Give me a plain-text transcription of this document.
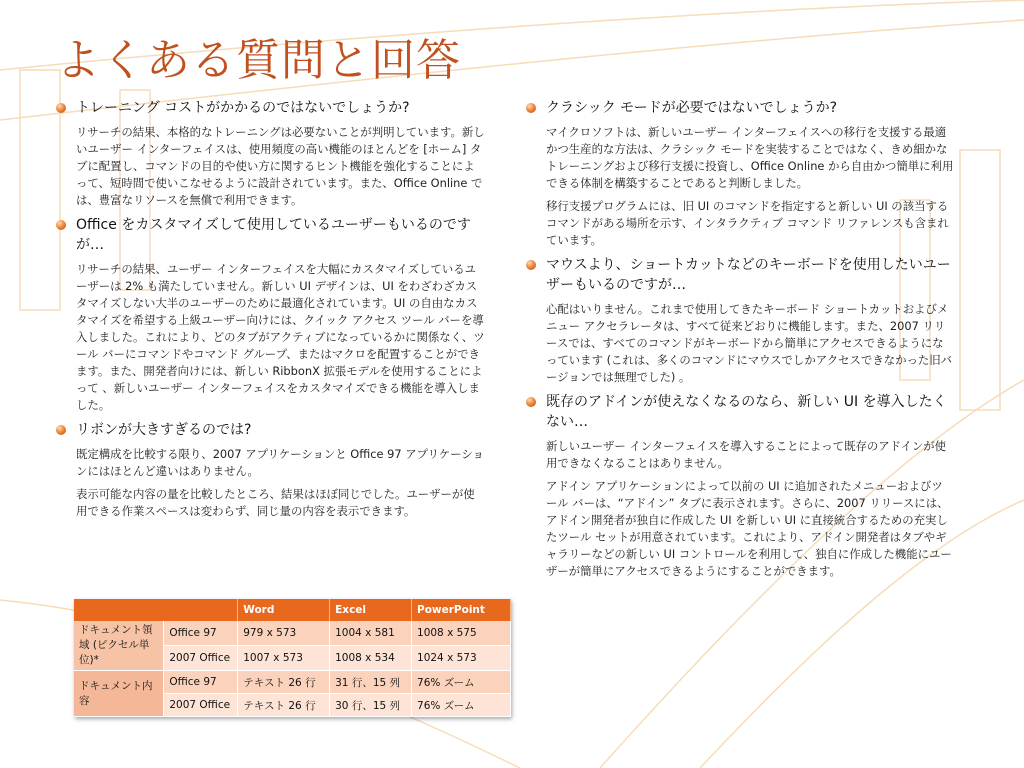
よくある質問と回答

トレーニング コストがかかるのではないでしょうか?

リサーチの結果、本格的なトレーニングは必要ないことが判明しています。新しいユーザー インターフェイスは、使用頻度の高い機能のほとんどを [ホーム] タブに配置し、コマンドの目的や使い方に関するヒント機能を強化することによって、短時間で使いこなせるように設計されています。また、Office Online では、豊富なリソースを無償で利用できます。

Office をカスタマイズして使用しているユーザーもいるのですが…

リサーチの結果、ユーザー インターフェイスを大幅にカスタマイズしているユーザーは 2% も満たしていません。新しい UI デザインは、UI をわざわざカスタマイズしない大半のユーザーのために最適化されています。UI の自由なカスタマイズを希望する上級ユーザー向けには、クイック アクセス ツール バーを導入しました。これにより、どのタブがアクティブになっているかに関係なく、ツール バーにコマンドやコマンド グループ、またはマクロを配置することができます。また、開発者向けには、新しい RibbonX 拡張モデルを使用することによって 、新しいユーザー インターフェイスをカスタマイズできる機能を導入しました。

リボンが大きすぎるのでは?

既定構成を比較する限り、2007 アプリケーションと Office 97 アプリケーションにはほとんど違いはありません。

表示可能な内容の量を比較したところ、結果はほぼ同じでした。ユーザーが使用できる作業スペースは変わらず、同じ量の内容を表示できます。

クラシック モードが必要ではないでしょうか?

マイクロソフトは、新しいユーザー インターフェイスへの移行を支援する最適かつ生産的な方法は、クラシック モードを実装することではなく、きめ細かなトレーニングおよび移行支援に投資し、Office Online から自由かつ簡単に利用できる体制を構築することであると判断しました。

移行支援プログラムには、旧 UI のコマンドを指定すると新しい UI の該当するコマンドがある場所を示す、インタラクティブ コマンド リファレンスも含まれています。

マウスより、ショートカットなどのキーボードを使用したいユーザーもいるのですが…

心配はいりません。これまで使用してきたキーボード ショートカットおよびメニュー アクセラレータは、すべて従来どおりに機能します。また、2007 リリースでは、すべてのコマンドがキーボードから簡単にアクセスできるようになっています (これは、多くのコマンドにマウスでしかアクセスできなかった旧バージョンでは無理でした) 。

既存のアドインが使えなくなるのなら、新しい UI を導入したくない…

新しいユーザー インターフェイスを導入することによって既存のアドインが使用できなくなることはありません。

アドイン アプリケーションによって以前の UI に追加されたメニューおよびツール バーは、“アドイン” タブに表示されます。さらに、2007 リリースには、アドイン開発者が独自に作成した UI を新しい UI に直接統合するための充実したツール セットが用意されています。これにより、アドイン開発者はタブやギャラリーなどの新しい UI コントロールを利用して、独自に作成した機能にユーザーが簡単にアクセスできるようにすることができます。

		Word	Excel	PowerPoint
ドキュメント領域 (ピクセル単位)*	Office 97	979 x 573	1004 x 581	1008 x 575
	2007 Office	1007 x 573	1008 x 534	1024 x 573
ドキュメント内容	Office 97	テキスト 26 行	31 行、15 列	76% ズーム
	2007 Office	テキスト 26 行	30 行、15 列	76% ズーム
